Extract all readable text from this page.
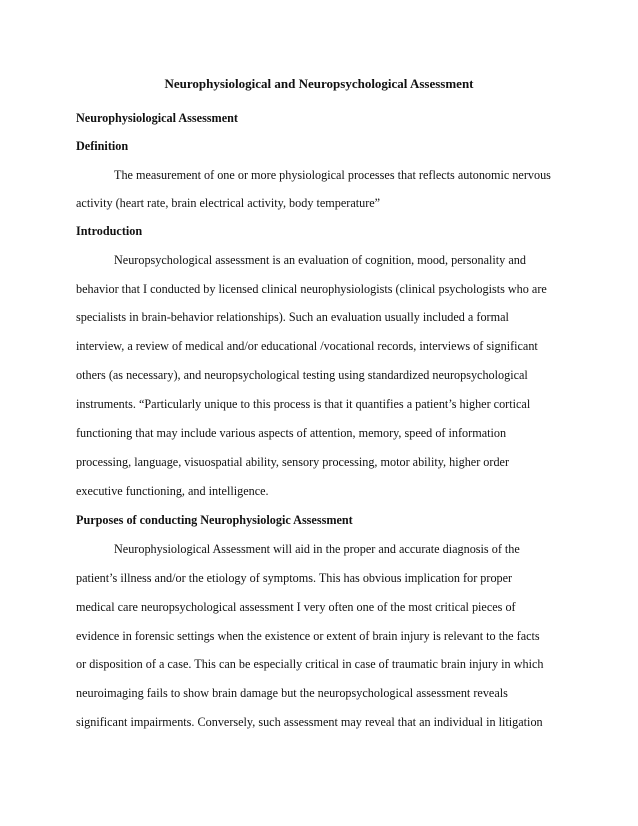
Neurophysiological and Neuropsychological Assessment

Neurophysiological Assessment

Definition

The measurement of one or more physiological processes that reflects autonomic nervous

activity (heart rate, brain electrical activity, body temperature”

Introduction

Neuropsychological assessment is an evaluation of cognition, mood, personality and

behavior that I conducted by licensed clinical neurophysiologists (clinical psychologists who are

specialists in brain-behavior relationships). Such an evaluation usually included a formal

interview, a review of medical and/or educational /vocational records, interviews of significant

others (as necessary), and neuropsychological testing using standardized neuropsychological

instruments. “Particularly unique to this process is that it quantifies a patient’s higher cortical

functioning that may include various aspects of attention, memory, speed of information

processing, language, visuospatial ability, sensory processing, motor ability, higher order

executive functioning, and intelligence.

Purposes of conducting Neurophysiologic Assessment

Neurophysiological Assessment will aid in the proper and accurate diagnosis of the

patient’s illness and/or the etiology of symptoms. This has obvious implication for proper

medical care neuropsychological assessment I very often one of the most critical pieces of

evidence in forensic settings when the existence or extent of brain injury is relevant to the facts

or disposition of a case. This can be especially critical in case of traumatic brain injury in which

neuroimaging fails to show brain damage but the neuropsychological assessment reveals

significant impairments. Conversely, such assessment may reveal that an individual in litigation
